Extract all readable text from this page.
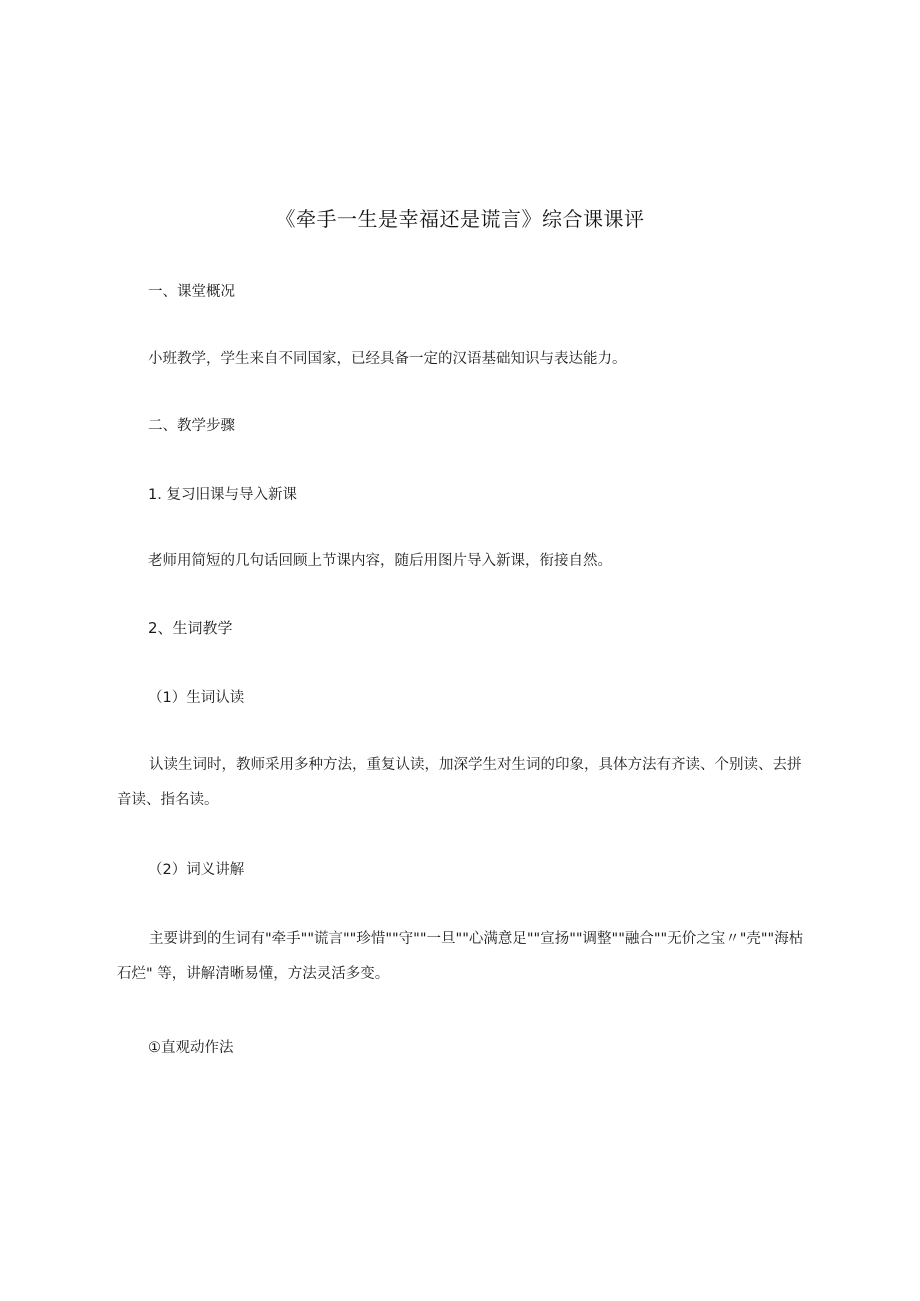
《牵手一生是幸福还是谎言》综合课课评
一、课堂概况
小班教学，学生来自不同国家，已经具备一定的汉语基础知识与表达能力。
二、教学步骤
1. 复习旧课与导入新课
老师用简短的几句话回顾上节课内容，随后用图片导入新课，衔接自然。
2、生词教学
（1）生词认读

认读生词时，教师采用多种方法，重复认读，加深学生对生词的印象，具体方法有齐读、个别读、去拼音读、指名读。

（2）词义讲解

主要讲到的生词有"牵手""谎言""珍惜""守""一旦""心满意足""宣扬""调整""融合""无价之宝〃"壳""海枯石烂" 等，讲解清晰易懂，方法灵活多变。

①直观动作法
